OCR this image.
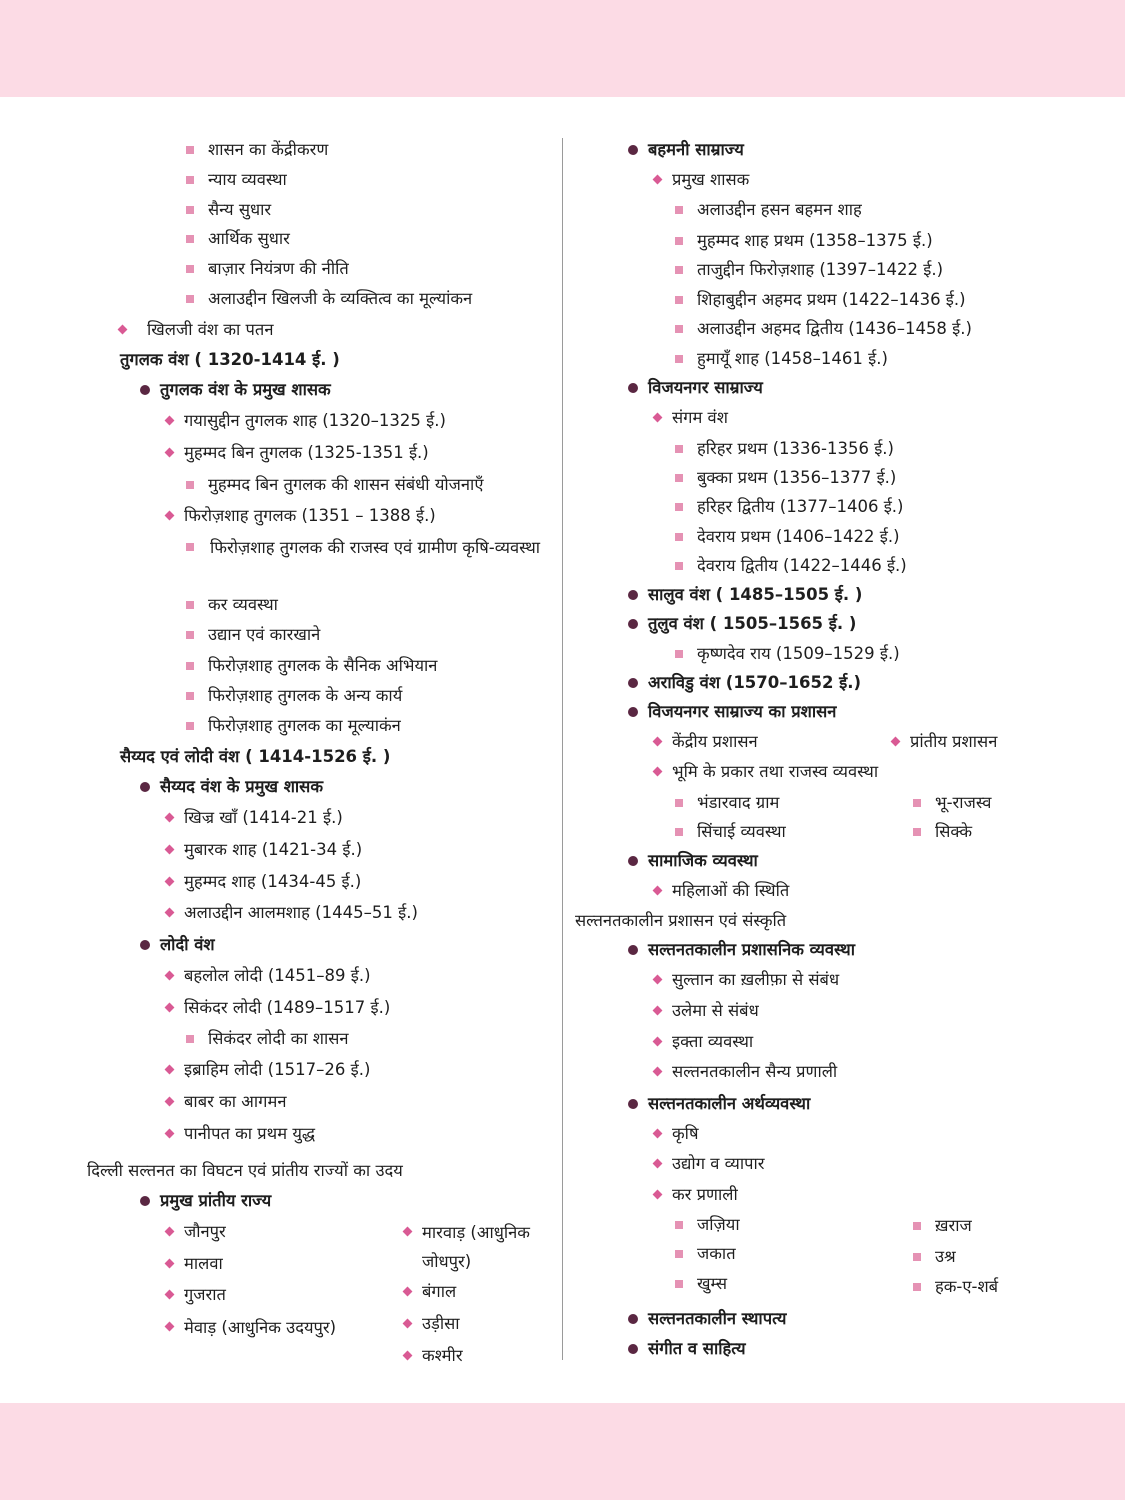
शासन का केंद्रीकरण
न्याय व्यवस्था
सैन्य सुधार
आर्थिक सुधार
बाज़ार नियंत्रण की नीति
अलाउद्दीन खिलजी के व्यक्तित्व का मूल्यांकन
खिलजी वंश का पतन
तुगलक वंश ( 1320-1414 ई. )
तुगलक वंश के प्रमुख शासक
गयासुद्दीन तुगलक शाह (1320–1325 ई.)
मुहम्मद बिन तुगलक (1325-1351 ई.)
मुहम्मद बिन तुगलक की शासन संबंधी योजनाएँ
फिरोज़शाह तुगलक (1351 – 1388 ई.)
फिरोज़शाह तुगलक की राजस्व एवं ग्रामीण कृषि-व्यवस्था
कर व्यवस्था
उद्यान एवं कारखाने
फिरोज़शाह तुगलक के सैनिक अभियान
फिरोज़शाह तुगलक के अन्य कार्य
फिरोज़शाह तुगलक का मूल्याकंन
सैय्यद एवं लोदी वंश ( 1414-1526 ई. )
सैय्यद वंश के प्रमुख शासक
खिज्र खाँ (1414-21 ई.)
मुबारक शाह (1421-34 ई.)
मुहम्मद शाह (1434-45 ई.)
अलाउद्दीन आलमशाह (1445–51 ई.)
लोदी वंश
बहलोल लोदी (1451–89 ई.)
सिकंदर लोदी (1489–1517 ई.)
सिकंदर लोदी का शासन
इब्राहिम लोदी (1517–26 ई.)
बाबर का आगमन
पानीपत का प्रथम युद्ध
दिल्ली सल्तनत का विघटन एवं प्रांतीय राज्यों का उदय
प्रमुख प्रांतीय राज्य
जौनपुर
मालवा
गुजरात
मेवाड़ (आधुनिक उदयपुर)
मारवाड़ (आधुनिक जोधपुर)
बंगाल
उड़ीसा
कश्मीर
बहमनी साम्राज्य
प्रमुख शासक
अलाउद्दीन हसन बहमन शाह
मुहम्मद शाह प्रथम (1358–1375 ई.)
ताजुद्दीन फिरोज़शाह (1397–1422 ई.)
शिहाबुद्दीन अहमद प्रथम (1422–1436 ई.)
अलाउद्दीन अहमद द्वितीय (1436–1458 ई.)
हुमायूँ शाह (1458–1461 ई.)
विजयनगर साम्राज्य
संगम वंश
हरिहर प्रथम (1336-1356 ई.)
बुक्का प्रथम (1356–1377 ई.)
हरिहर द्वितीय (1377–1406 ई.)
देवराय प्रथम (1406–1422 ई.)
देवराय द्वितीय (1422–1446 ई.)
सालुव वंश ( 1485–1505 ई. )
तुलुव वंश ( 1505–1565 ई. )
कृष्णदेव राय (1509–1529 ई.)
अराविडु वंश (1570–1652 ई.)
विजयनगर साम्राज्य का प्रशासन
केंद्रीय प्रशासन	प्रांतीय प्रशासन
भूमि के प्रकार तथा राजस्व व्यवस्था
भंडारवाद ग्राम	भू-राजस्व
सिंचाई व्यवस्था	सिक्के
सामाजिक व्यवस्था
महिलाओं की स्थिति
सल्तनतकालीन प्रशासन एवं संस्कृति
सल्तनतकालीन प्रशासनिक व्यवस्था
सुल्तान का ख़लीफ़ा से संबंध
उलेमा से संबंध
इक्ता व्यवस्था
सल्तनतकालीन सैन्य प्रणाली
सल्तनतकालीन अर्थव्यवस्था
कृषि
उद्योग व व्यापार
कर प्रणाली
जज़िया	ख़राज
जकात	उश्र
खुम्स	हक-ए-शर्ब
सल्तनतकालीन स्थापत्य
संगीत व साहित्य
